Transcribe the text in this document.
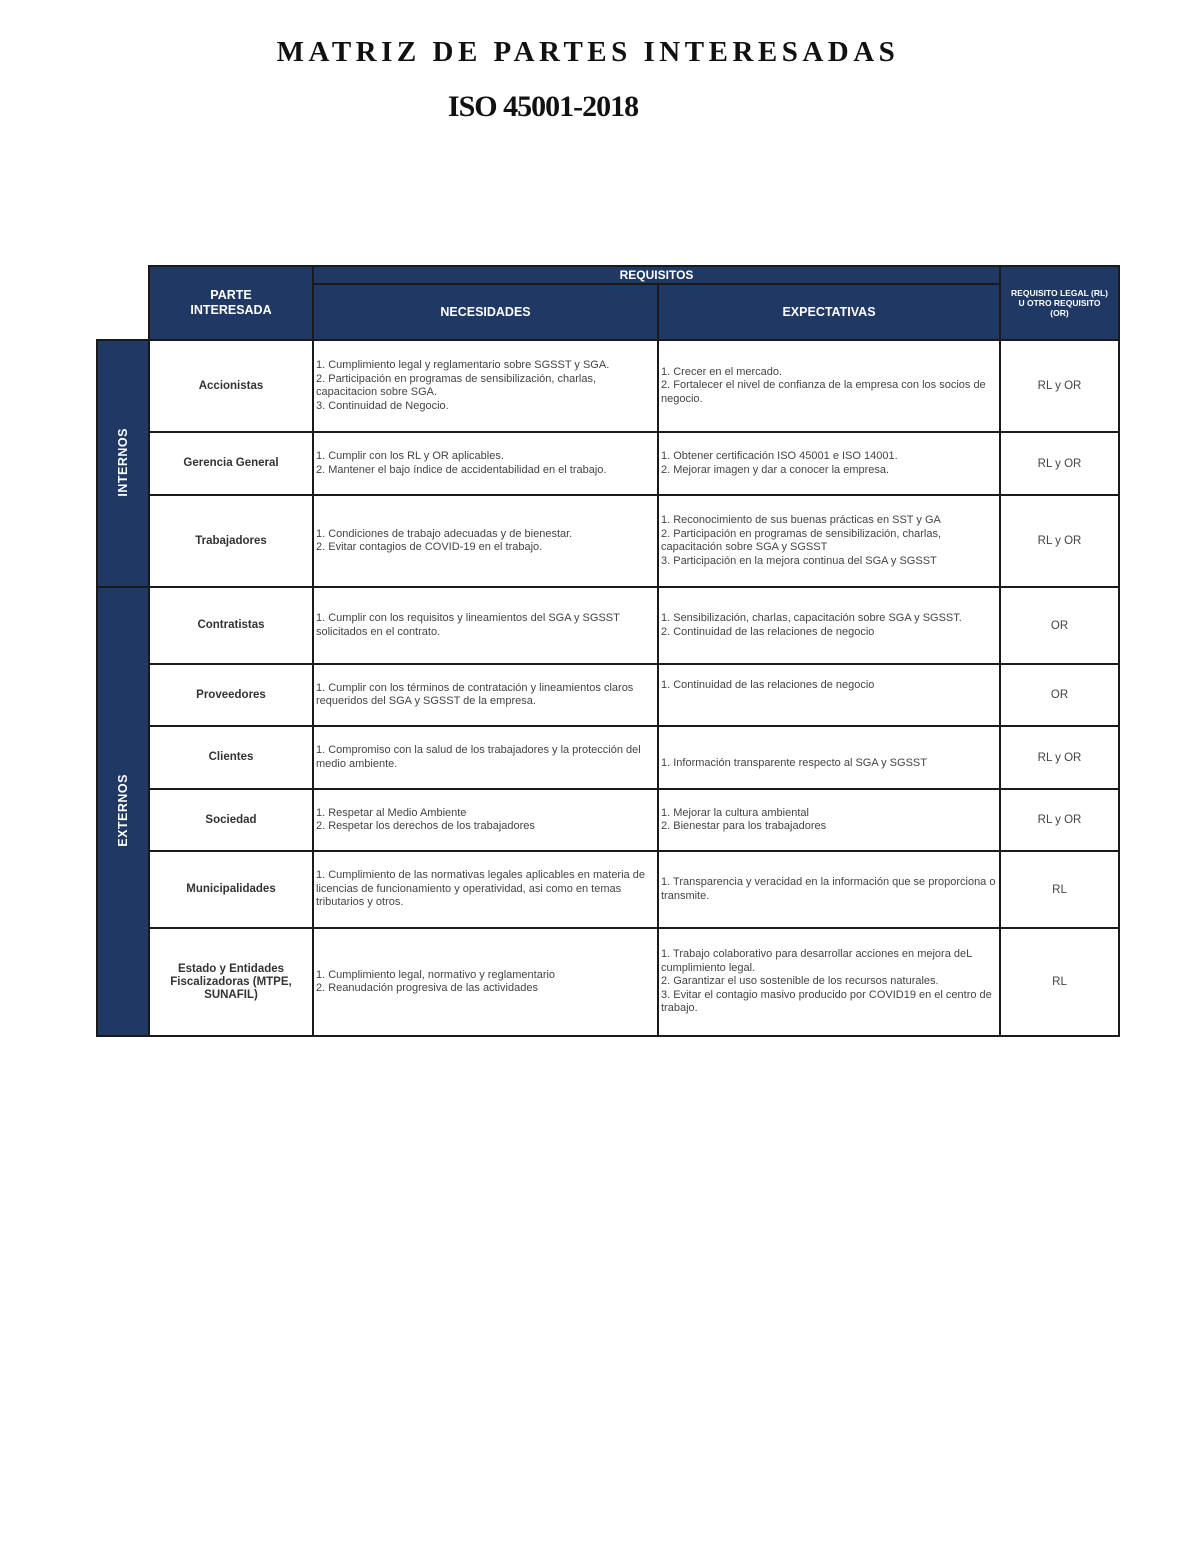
MATRIZ DE PARTES INTERESADAS
ISO 45001-2018
	PARTE
INTERESADA	REQUISITOS		REQUISITO LEGAL (RL)
U OTRO REQUISITO
(OR)
		NECESIDADES	EXPECTATIVAS	
INTERNOS	Accionistas	1. Cumplimiento legal y reglamentario sobre SGSST y SGA.
2. Participación en programas de sensibilización, charlas, capacitacion sobre SGA.
3. Continuidad de Negocio.	1. Crecer en el mercado.
2. Fortalecer el nivel de confianza de la empresa con los socios de negocio.	RL y OR
	Gerencia General	1. Cumplir con los RL y OR aplicables.
2. Mantener el bajo índice de accidentabilidad en el trabajo.	1. Obtener certificación ISO 45001 e ISO 14001.
2. Mejorar imagen y dar a conocer la empresa.	RL y OR
	Trabajadores	1. Condiciones de trabajo adecuadas y de bienestar.
2. Evitar contagios de COVID-19 en el trabajo.	1. Reconocimiento de sus buenas prácticas en SST y GA
2. Participación en programas de sensibilización, charlas, capacitación sobre SGA y SGSST
3. Participación en la mejora continua del SGA y SGSST	RL y OR
EXTERNOS	Contratistas	1. Cumplir con los requisitos y lineamientos del SGA y SGSST solicitados en el contrato.	1. Sensibilización, charlas, capacitación sobre SGA y SGSST.
2. Continuidad de las relaciones de negocio	OR
	Proveedores	1. Cumplir con los términos de contratación y lineamientos claros requeridos del SGA y SGSST de la empresa.	1. Continuidad de las relaciones de negocio	OR
	Clientes	1. Compromiso con la salud de los trabajadores y la protección del medio ambiente.	1. Información transparente respecto al SGA y SGSST	RL y OR
	Sociedad	1. Respetar al Medio Ambiente
2. Respetar los derechos de los trabajadores	1. Mejorar la cultura ambiental
2. Bienestar para los trabajadores	RL y OR
	Municipalidades	1. Cumplimiento de las normativas legales aplicables en materia de licencias de funcionamiento y operatividad, asi como en temas tributarios y otros.	1. Transparencia y veracidad en la información que se proporciona o transmite.	RL
	Estado y Entidades Fiscalizadoras (MTPE, SUNAFIL)	1. Cumplimiento legal, normativo y reglamentario
2. Reanudación progresiva de las actividades	1. Trabajo colaborativo para desarrollar acciones en mejora deL cumplimiento legal.
2. Garantizar el uso sostenible de los recursos naturales.
3. Evitar el contagio masivo producido por COVID19 en el centro de trabajo.	RL
